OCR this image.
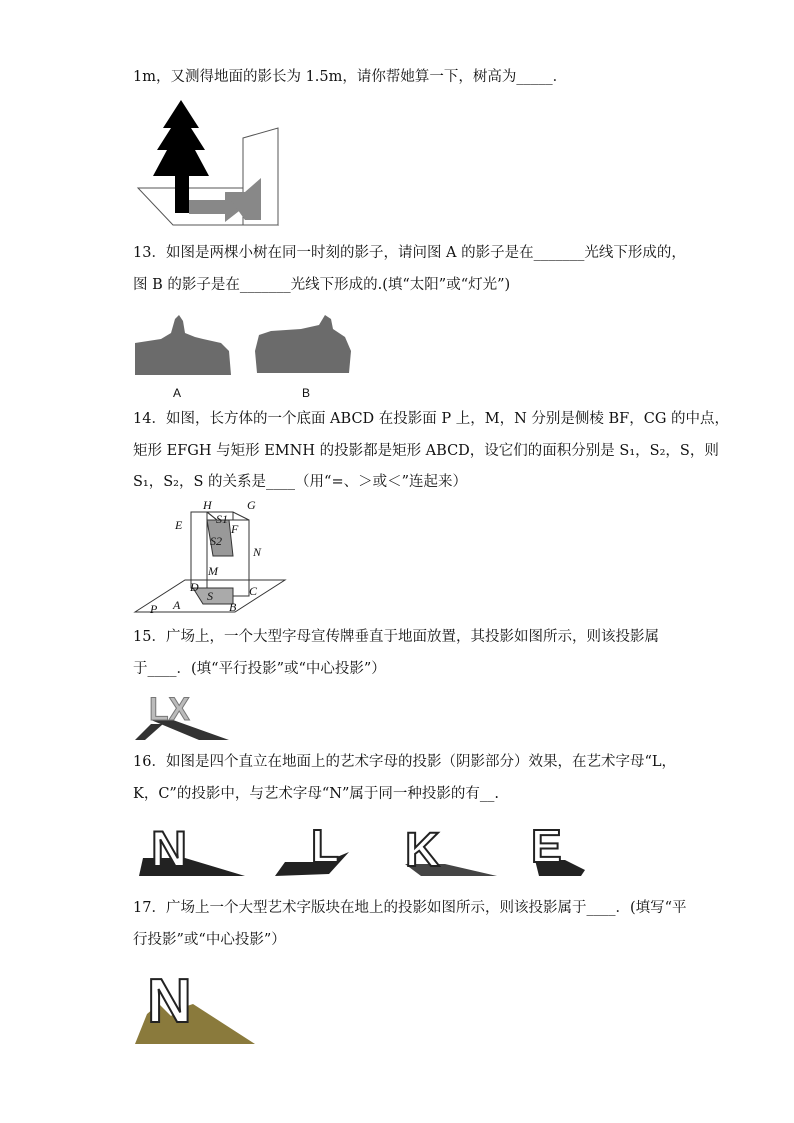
1m，又测得地面的影长为 1.5m，请你帮她算一下，树高为_____．
13．如图是两棵小树在同一时刻的影子，请问图 A 的影子是在_______光线下形成的，
图 B 的影子是在_______光线下形成的.(填“太阳”或“灯光”)
A	B
14．如图，长方体的一个底面 ABCD 在投影面 P 上，M，N 分别是侧棱 BF，CG 的中点，
矩形 EFGH 与矩形 EMNH 的投影都是矩形 ABCD，设它们的面积分别是 S₁，S₂，S，则
S₁，S₂，S 的关系是____（用“=、＞或＜”连起来）
H	G
E	S1
F
S2
N
M
D	C
S
A	B
P
15．广场上，一个大型字母宣传牌垂直于地面放置，其投影如图所示，则该投影属
于____．(填“平行投影”或“中心投影”）
LX
16．如图是四个直立在地面上的艺术字母的投影（阴影部分）效果，在艺术字母“L，
K，C”的投影中，与艺术字母“N”属于同一种投影的有__.
N	L K E
17．广场上一个大型艺术字版块在地上的投影如图所示，则该投影属于____．(填写“平
行投影”或“中心投影”）
N
